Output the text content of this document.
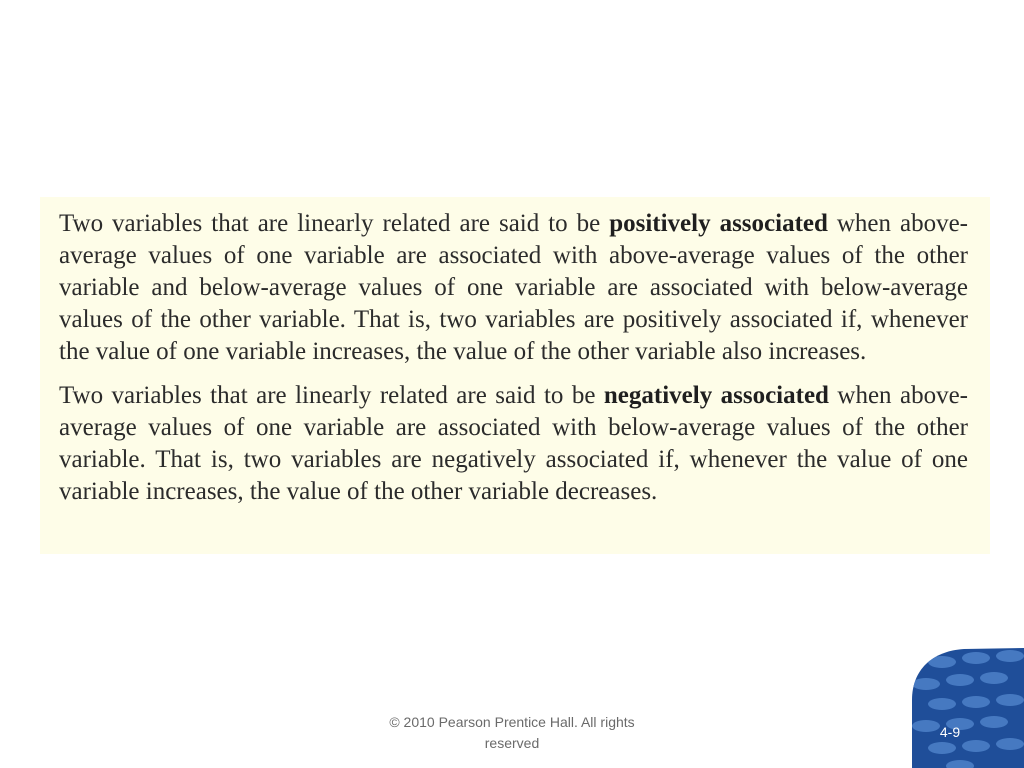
Two variables that are linearly related are said to be positively associated when above-average values of one variable are associated with above-average values of the other variable and below-average values of one variable are associated with below-average values of the other variable. That is, two variables are positively associated if, whenever the value of one variable increases, the value of the other variable also increases.

Two variables that are linearly related are said to be negatively associated when above-average values of one variable are associated with below-average values of the other variable. That is, two variables are negatively associated if, whenever the value of one variable increases, the value of the other variable decreases.

© 2010 Pearson Prentice Hall. All rights
reserved
4-9
